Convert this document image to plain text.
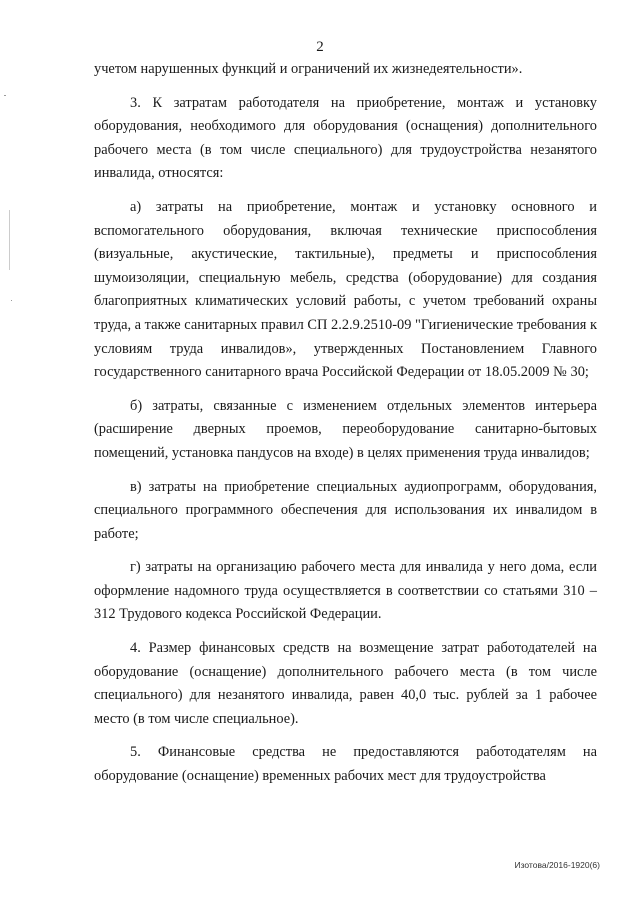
2

учетом нарушенных функций и ограничений их жизнедеятельности».

3. К затратам работодателя на приобретение, монтаж и установку оборудования, необходимого для оборудования (оснащения) дополнительного рабочего места (в том числе специального) для трудоустройства незанятого инвалида, относятся:

а) затраты на приобретение, монтаж и установку основного и вспомогательного оборудования, включая технические приспособления (визуальные, акустические, тактильные), предметы и приспособления шумоизоляции, специальную мебель, средства (оборудование) для создания благоприятных климатических условий работы, с учетом требований охраны труда, а также санитарных правил СП 2.2.9.2510-09 "Гигиенические требования к условиям труда инвалидов», утвержденных Постановлением Главного государственного санитарного врача Российской Федерации от 18.05.2009 № 30;

б) затраты, связанные с изменением отдельных элементов интерьера (расширение дверных проемов, переоборудование санитарно-бытовых помещений, установка пандусов на входе) в целях применения труда инвалидов;

в) затраты на приобретение специальных аудиопрограмм, оборудования, специального программного обеспечения для использования их инвалидом в работе;

г) затраты на организацию рабочего места для инвалида у него дома, если оформление надомного труда осуществляется в соответствии со статьями 310 – 312 Трудового кодекса Российской Федерации.

4. Размер финансовых средств на возмещение затрат работодателей на оборудование (оснащение) дополнительного рабочего места (в том числе специального) для незанятого инвалида, равен 40,0 тыс. рублей за 1 рабочее место (в том числе специальное).

5. Финансовые средства не предоставляются работодателям на оборудование (оснащение) временных рабочих мест для трудоустройства

Изотова/2016-1920(6)
